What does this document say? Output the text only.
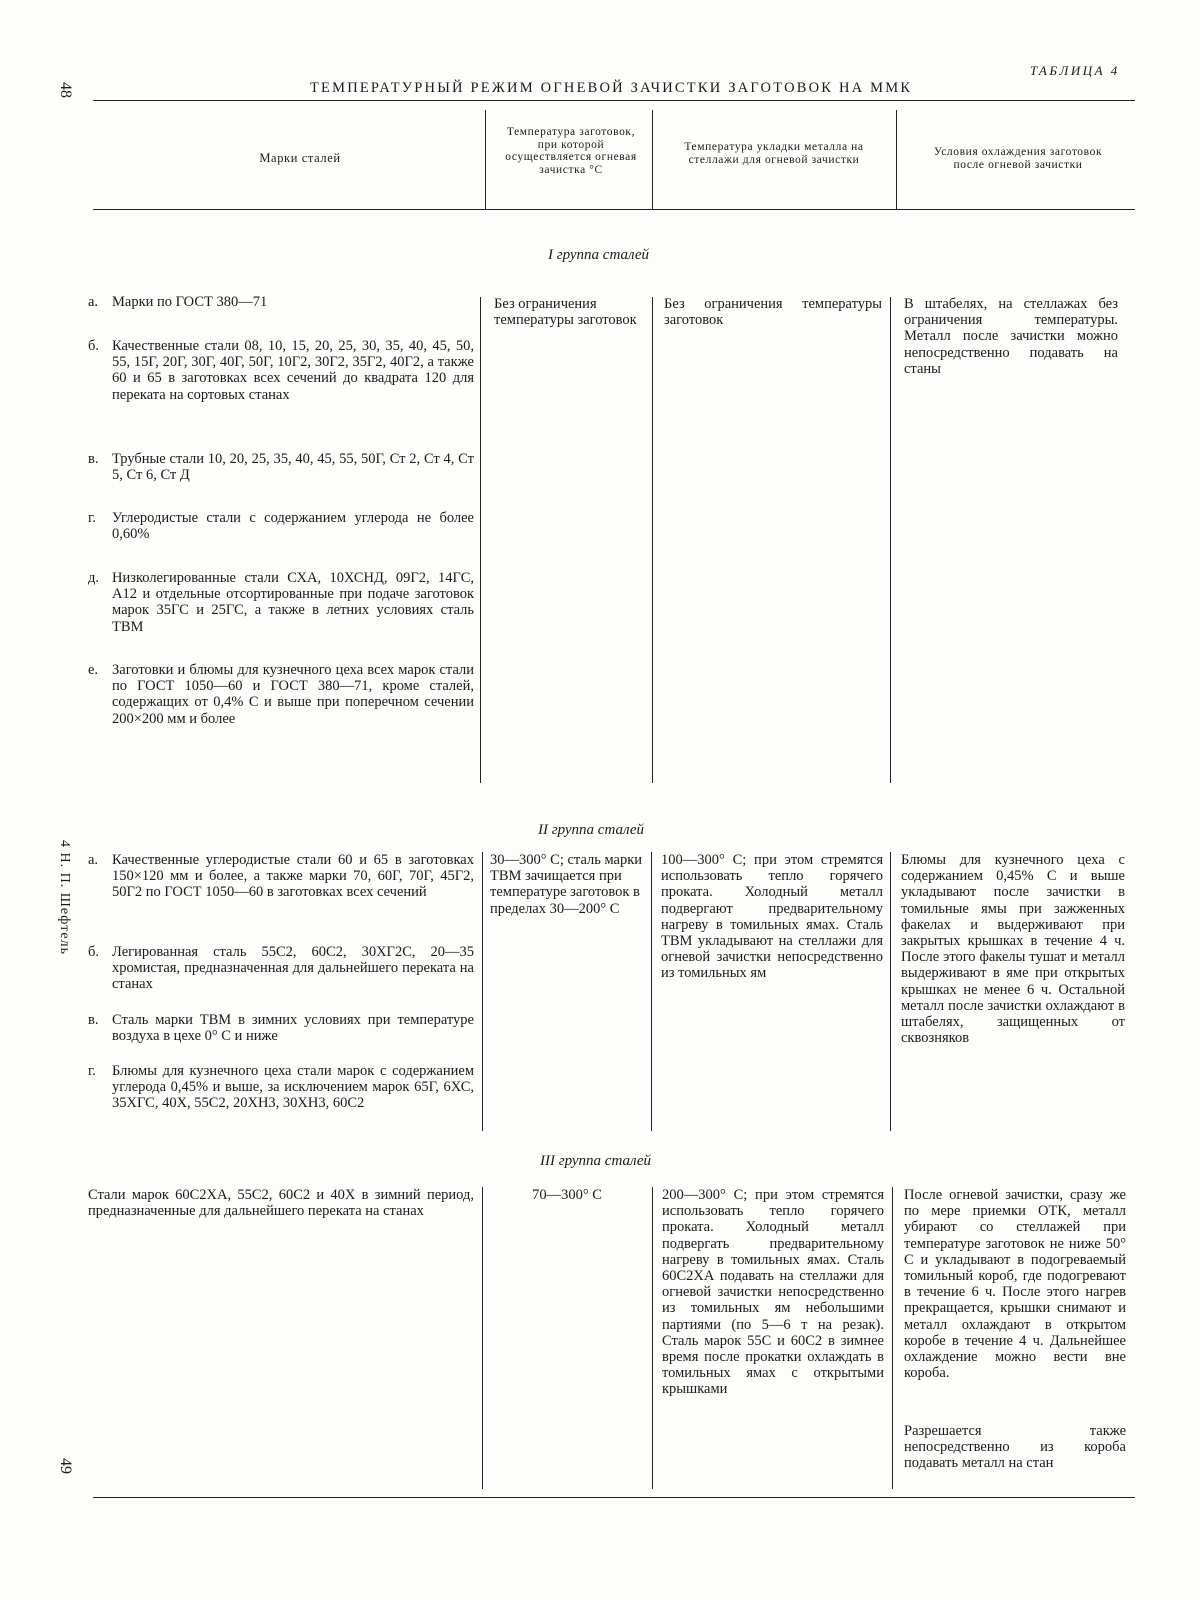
48
4 Н. П. Шефтель
49
ТАБЛИЦА 4
ТЕМПЕРАТУРНЫЙ РЕЖИМ ОГНЕВОЙ ЗАЧИСТКИ ЗАГОТОВОК НА ММК
Марки сталей
Температура заготовок, при которой осуществляется огневая зачистка °С
Температура укладки металла на стеллажи для огневой зачистки
Условия охлаждения заготовок после огневой зачистки
I группа сталей
а. Марки по ГОСТ 380—71
б. Качественные стали 08, 10, 15, 20, 25, 30, 35, 40, 45, 50, 55, 15Г, 20Г, 30Г, 40Г, 50Г, 10Г2, 30Г2, 35Г2, 40Г2, а также 60 и 65 в заготовках всех сечений до квадрата 120 для переката на сортовых станах
в. Трубные стали 10, 20, 25, 35, 40, 45, 55, 50Г, Ст 2, Ст 4, Ст 5, Ст 6, Ст Д
г. Углеродистые стали с содержанием углерода не более 0,60%
д. Низколегированные стали СХА, 10ХСНД, 09Г2, 14ГС, А12 и отдельные отсортированные при подаче заготовок марок 35ГС и 25ГС, а также в летних условиях сталь ТВМ
е. Заготовки и блюмы для кузнечного цеха всех марок стали по ГОСТ 1050—60 и ГОСТ 380—71, кроме сталей, содержащих от 0,4% С и выше при поперечном сечении 200×200 мм и более
Без ограничения температуры заготовок
Без ограничения температуры заготовок
В штабелях, на стеллажах без ограничения температуры. Металл после зачистки можно непосредственно подавать на станы
II группа сталей
а. Качественные углеродистые стали 60 и 65 в заготовках 150×120 мм и более, а также марки 70, 60Г, 70Г, 45Г2, 50Г2 по ГОСТ 1050—60 в заготовках всех сечений
б. Легированная сталь 55С2, 60С2, 30ХГ2С, 20—35 хромистая, предназначенная для дальнейшего переката на станах
в. Сталь марки ТВМ в зимних условиях при температуре воздуха в цехе 0° С и ниже
г. Блюмы для кузнечного цеха стали марок с содержанием углерода 0,45% и выше, за исключением марок 65Г, 6ХС, 35ХГС, 40Х, 55С2, 20ХН3, 30ХН3, 60С2
30—300° С; сталь марки ТВМ зачищается при температуре заготовок в пределах 30—200° С
100—300° С; при этом стремятся использовать тепло горячего проката. Холодный металл подвергают предварительному нагреву в томильных ямах. Сталь ТВМ укладывают на стеллажи для огневой зачистки непосредственно из томильных ям
Блюмы для кузнечного цеха с содержанием 0,45% С и выше укладывают после зачистки в томильные ямы при зажженных факелах и выдерживают при закрытых крышках в течение 4 ч. После этого факелы тушат и металл выдерживают в яме при открытых крышках не менее 6 ч. Остальной металл после зачистки охлаждают в штабелях, защищенных от сквозняков
III группа сталей
Стали марок 60С2ХА, 55С2, 60С2 и 40Х в зимний период, предназначенные для дальнейшего переката на станах
70—300° С	200—300° С; при этом стремятся использовать тепло горячего проката. Холодный металл подвергать предварительному нагреву в томильных ямах. Сталь 60С2ХА подавать на стеллажи для огневой зачистки непосредственно из томильных ям небольшими партиями (по 5—6 т на резак). Сталь марок 55С и 60С2 в зимнее время после прокатки охлаждать в томильных ямах с открытыми крышками
После огневой зачистки, сразу же по мере приемки ОТК, металл убирают со стеллажей при температуре заготовок не ниже 50° С и укладывают в подогреваемый томильный короб, где подогревают в течение 6 ч. После этого нагрев прекращается, крышки снимают и металл охлаждают в открытом коробе в течение 4 ч. Дальнейшее охлаждение можно вести вне короба.
Разрешается также непосредственно из короба подавать металл на стан
